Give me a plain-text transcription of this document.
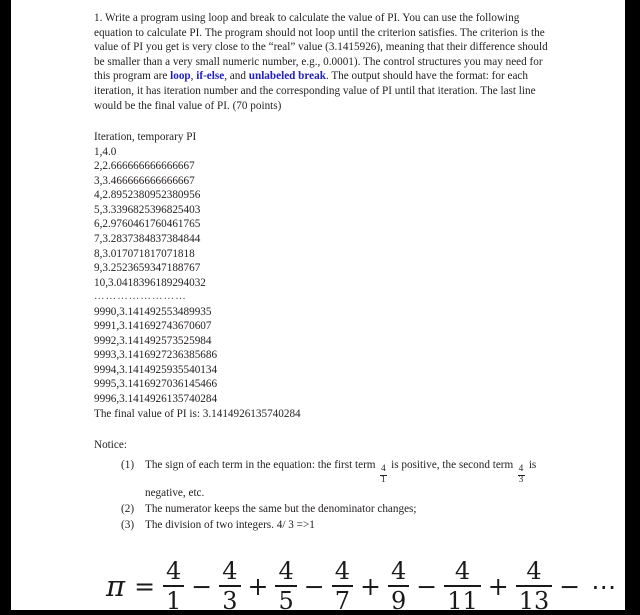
1. Write a program using loop and break to calculate the value of PI. You can use the following equation to calculate PI. The program should not loop until the criterion satisfies. The criterion is the value of PI you get is very close to the “real” value (3.1415926), meaning that their difference should be smaller than a very small numeric number, e.g., 0.0001). The control structures you may need for this program are loop, if-else, and unlabeled break. The output should have the format: for each iteration, it has iteration number and the corresponding value of PI until that iteration. The last line would be the final value of PI. (70 points)

Iteration, temporary PI
1,4.0
2,2.666666666666667
3,3.466666666666667
4,2.8952380952380956
5,3.3396825396825403
6,2.9760461760461765
7,3.2837384837384844
8,3.017071817071818
9,3.2523659347188767
10,3.0418396189294032
……………………
9990,3.141492553489935
9991,3.141692743670607
9992,3.141492573525984
9993,3.1416927236385686
9994,3.1414925935540134
9995,3.1416927036145466
9996,3.1414926135740284
The final value of PI is: 3.1414926135740284
Notice:
(1) The sign of each term in the equation: the first term $\frac{4}{1}$ is positive, the second term $\frac{4}{3}$ is negative, etc.
(2) The numerator keeps the same but the denominator changes;
(3) The division of two integers. 4/ 3 =>1
$\pi = \frac{4}{1} - \frac{4}{3} + \frac{4}{5} - \frac{4}{7} + \frac{4}{9} - \frac{4}{11} + \frac{4}{13}$ − ⋯
